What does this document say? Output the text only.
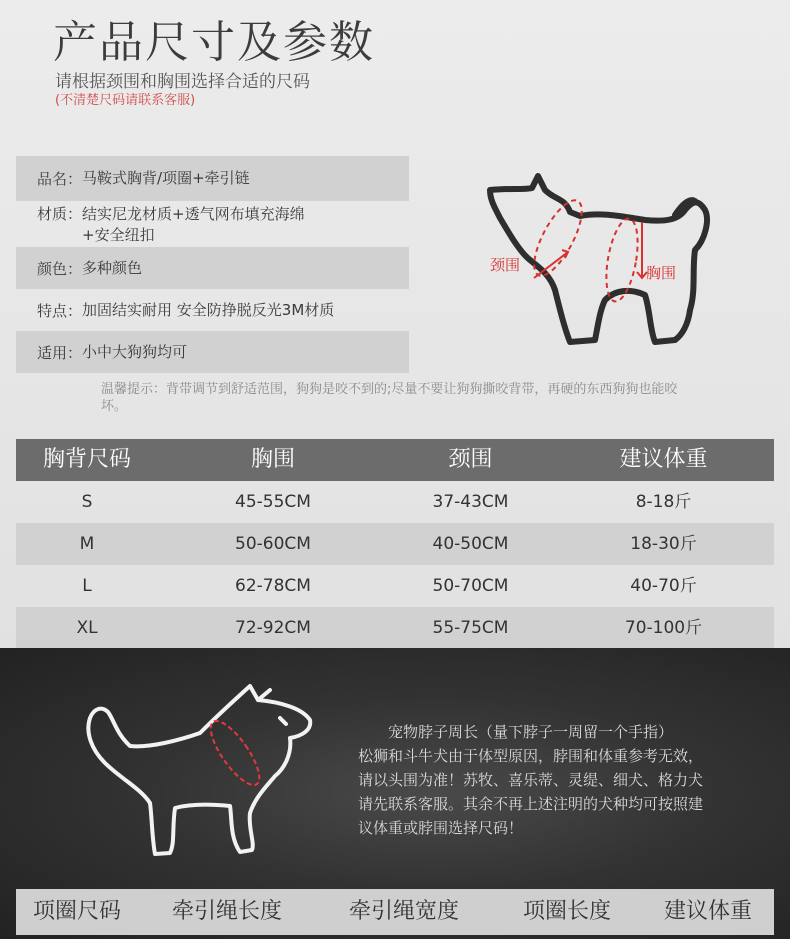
产品尺寸及参数
请根据颈围和胸围选择合适的尺码
(不清楚尺码请联系客服)
品名： 马鞍式胸背/项圈+牵引链
材质： 结实尼龙材质+透气网布填充海绵+安全纽扣
颜色： 多种颜色
特点： 加固结实耐用 安全防挣脱反光3M材质
适用： 小中大狗狗均可
温馨提示：背带调节到舒适范围，狗狗是咬不到的;尽量不要让狗狗撕咬背带，再硬的东西狗狗也能咬坏。
颈围	胸围
胸背尺码	胸围	颈围	建议体重
S	45-55CM	37-43CM	8-18斤
M	50-60CM	40-50CM	18-30斤
L	62-78CM	50-70CM	40-70斤
XL	72-92CM	55-75CM	70-100斤

宠物脖子周长（量下脖子一周留一个手指）

松狮和斗牛犬由于体型原因，脖围和体重参考无效，请以头围为准！苏牧、喜乐蒂、灵缇、细犬、格力犬请先联系客服。其余不再上述注明的犬种均可按照建议体重或脖围选择尺码！

项圈尺码	牵引绳长度	牵引绳宽度	项圈长度	建议体重
